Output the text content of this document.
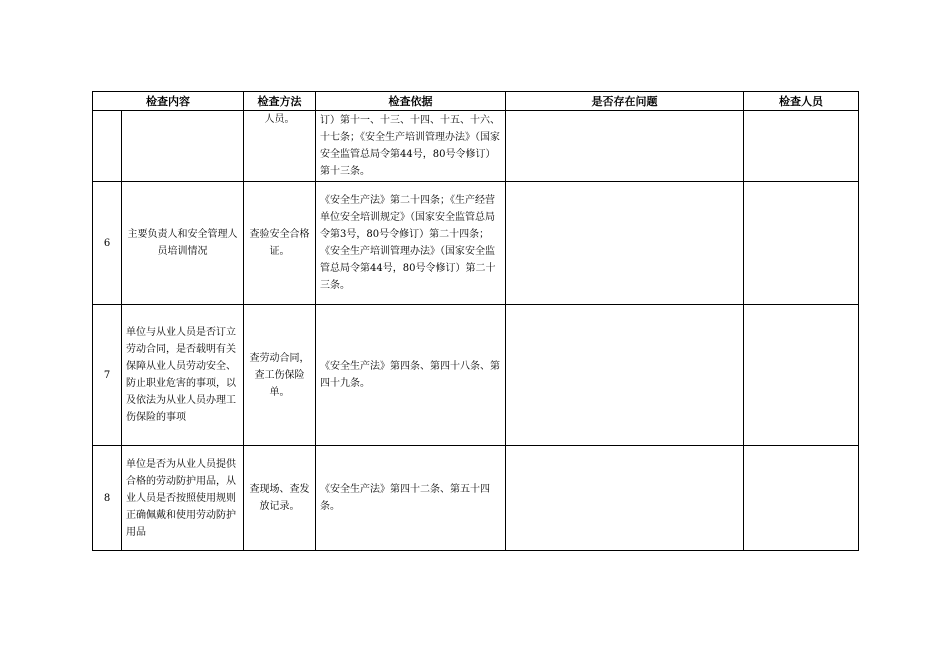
检查内容		检查方法	检查依据	是否存在问题	检查人员
		人员。	订）第十一、十三、十四、十五、十六、十七条；《安全生产培训管理办法》（国家安全监管总局令第44号，80号令修订）第十三条。		
6	主要负责人和安全管理人员培训情况	查验安全合格证。	《安全生产法》第二十四条；《生产经营单位安全培训规定》（国家安全监管总局令第3号，80号令修订）第二十四条；《安全生产培训管理办法》（国家安全监管总局令第44号，80号令修订）第二十三条。		
7	单位与从业人员是否订立劳动合同，是否载明有关保障从业人员劳动安全、防止职业危害的事项，以及依法为从业人员办理工伤保险的事项	查劳动合同，查工伤保险单。	《安全生产法》第四条、第四十八条、第四十九条。		
8	单位是否为从业人员提供合格的劳动防护用品，从业人员是否按照使用规则正确佩戴和使用劳动防护用品	查现场、查发放记录。	《安全生产法》第四十二条、第五十四条。		
